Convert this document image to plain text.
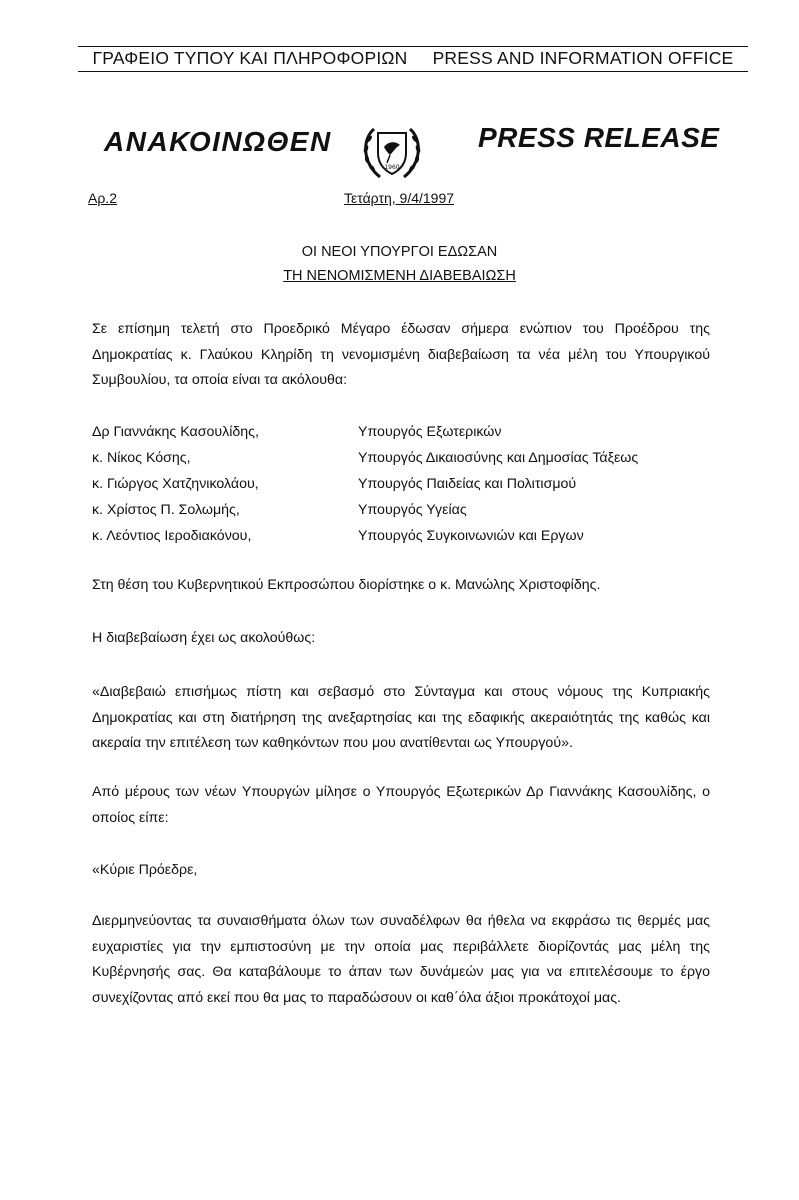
ΓΡΑΦΕΙΟ ΤΥΠΟΥ ΚΑΙ ΠΛΗΡΟΦΟΡΙΩΝ	PRESS AND INFORMATION OFFICE
ΑΝΑΚΟΙΝΩΘΕΝ
1960
PRESS RELEASE
Αρ.2	Τετάρτη, 9/4/1997
ΟΙ ΝΕΟΙ ΥΠΟΥΡΓΟΙ ΕΔΩΣΑΝ
ΤΗ ΝΕΝΟΜΙΣΜΕΝΗ ΔΙΑΒΕΒΑΙΩΣΗ
Σε επίσημη τελετή στο Προεδρικό Μέγαρο έδωσαν σήμερα ενώπιον του Προέδρου της Δημοκρατίας κ. Γλαύκου Κληρίδη τη νενομισμένη διαβεβαίωση τα νέα μέλη του Υπουργικού Συμβουλίου, τα οποία είναι τα ακόλουθα:
Δρ Γιαννάκης Κασουλίδης,	Υπουργός Εξωτερικών
κ. Νίκος Κόσης,	Υπουργός Δικαιοσύνης και Δημοσίας Τάξεως
κ. Γιώργος Χατζηνικολάου,	Υπουργός Παιδείας και Πολιτισμού
κ. Χρίστος Π. Σολωμής,	Υπουργός Υγείας
κ. Λεόντιος Ιεροδιακόνου,	Υπουργός Συγκοινωνιών και Εργων
Στη θέση του Κυβερνητικού Εκπροσώπου διορίστηκε ο κ. Μανώλης Χριστοφίδης.
Η διαβεβαίωση έχει ως ακολούθως:
«Διαβεβαιώ επισήμως πίστη και σεβασμό στο Σύνταγμα και στους νόμους της Κυπριακής Δημοκρατίας και στη διατήρηση της ανεξαρτησίας και της εδαφικής ακεραιότητάς της καθώς και ακεραία την επιτέλεση των καθηκόντων που μου ανατίθενται ως Υπουργού».
Από μέρους των νέων Υπουργών μίλησε ο Υπουργός Εξωτερικών Δρ Γιαννάκης Κασουλίδης, ο οποίος είπε:
«Κύριε Πρόεδρε,
Διερμηνεύοντας τα συναισθήματα όλων των συναδέλφων θα ήθελα να εκφράσω τις θερμές μας ευχαριστίες για την εμπιστοσύνη με την οποία μας περιβάλλετε διορίζοντάς μας μέλη της Κυβέρνησής σας. Θα καταβάλουμε το άπαν των δυνάμεών μας για να επιτελέσουμε το έργο συνεχίζοντας από εκεί που θα μας το παραδώσουν οι καθ΄όλα άξιοι προκάτοχοί μας.
